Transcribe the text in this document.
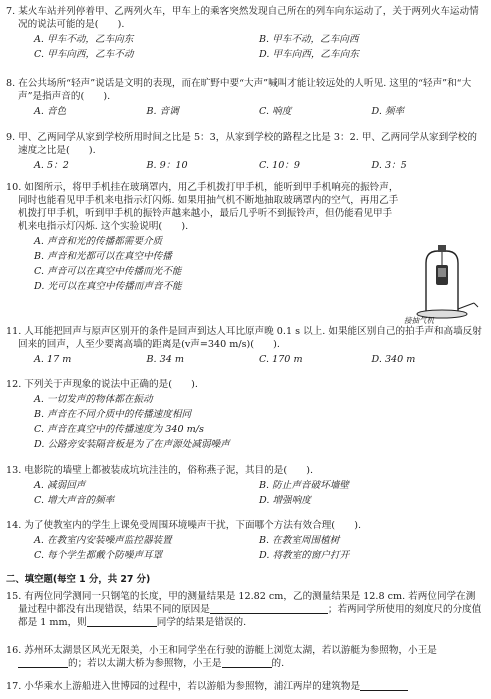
7. 某火车站并列停着甲、乙两列火车，甲车上的乘客突然发现自己所在的列车向东运动了，关于两列火车运动情况的说法可能的是(　　).

A. 甲车不动，乙车向东	B. 甲车不动，乙车向西
C. 甲车向西，乙车不动	D. 甲车向西，乙车向东

8. 在公共场所“轻声”说话是文明的表现，而在旷野中要“大声”喊叫才能让较远处的人听见. 这里的“轻声”和“大声”是指声音的(　　).

A. 音色	B. 音调	C. 响度	D. 频率

9. 甲、乙两同学从家到学校所用时间之比是 5：3，从家到学校的路程之比是 3：2. 甲、乙两同学从家到学校的速度之比是(　　).

A. 5：2	B. 9：10	C. 10：9	D. 3：5

10. 如图所示，将甲手机挂在玻璃罩内，用乙手机拨打甲手机，能听到甲手机响亮的振铃声，同时也能看见甲手机来电指示灯闪烁. 如果用抽气机不断地抽取玻璃罩内的空气，再用乙手机拨打甲手机，听到甲手机的振铃声越来越小，最后几乎听不到振铃声，但仍能看见甲手机来电指示灯闪烁. 这个实验说明(　　).

A. 声音和光的传播都需要介质
B. 声音和光都可以在真空中传播
C. 声音可以在真空中传播而光不能
D. 光可以在真空中传播而声音不能
接抽气机

11. 人耳能把回声与原声区别开的条件是回声到达人耳比原声晚 0.1 s 以上. 如果能区别自己的拍手声和高墙反射回来的回声，人至少要离高墙的距离是(v声=340 m/s)(　　).

A. 17 m	B. 34 m	C. 170 m	D. 340 m

12. 下列关于声现象的说法中正确的是(　　).

A. 一切发声的物体都在振动
B. 声音在不同介质中的传播速度相同
C. 声音在真空中的传播速度为 340 m/s
D. 公路旁安装隔音板是为了在声源处减弱噪声

13. 电影院的墙壁上都被装成坑坑洼洼的，俗称燕子泥，其目的是(　　).

A. 减弱回声	B. 防止声音破坏墙壁
C. 增大声音的频率	D. 增强响度

14. 为了使教室内的学生上课免受周围环境噪声干扰，下面哪个方法有效合理(　　).

A. 在教室内安装噪声监控器装置	B. 在教室周围植树
C. 每个学生都戴个防噪声耳罩	D. 将教室的窗户打开
二、填空题(每空 1 分，共 27 分)

15. 有两位同学测同一只钢笔的长度，甲的测量结果是 12.82 cm，乙的测量结果是 12.8 cm. 若两位同学在测量过程中都没有出现错误，结果不同的原因是	；若两同学所使用的刻度尺的分度值都是 1 mm，则	同学的结果是错误的.

16. 苏州环太湖景区风光无限美，小王和同学坐在行驶的游艇上浏览太湖，若以游艇为参照物，小王是的；若以太湖大桥为参照物，小王是	的.

17. 小华乘水上游船进入世博园的过程中，若以游船为参照物，浦江两岸的建筑物是
